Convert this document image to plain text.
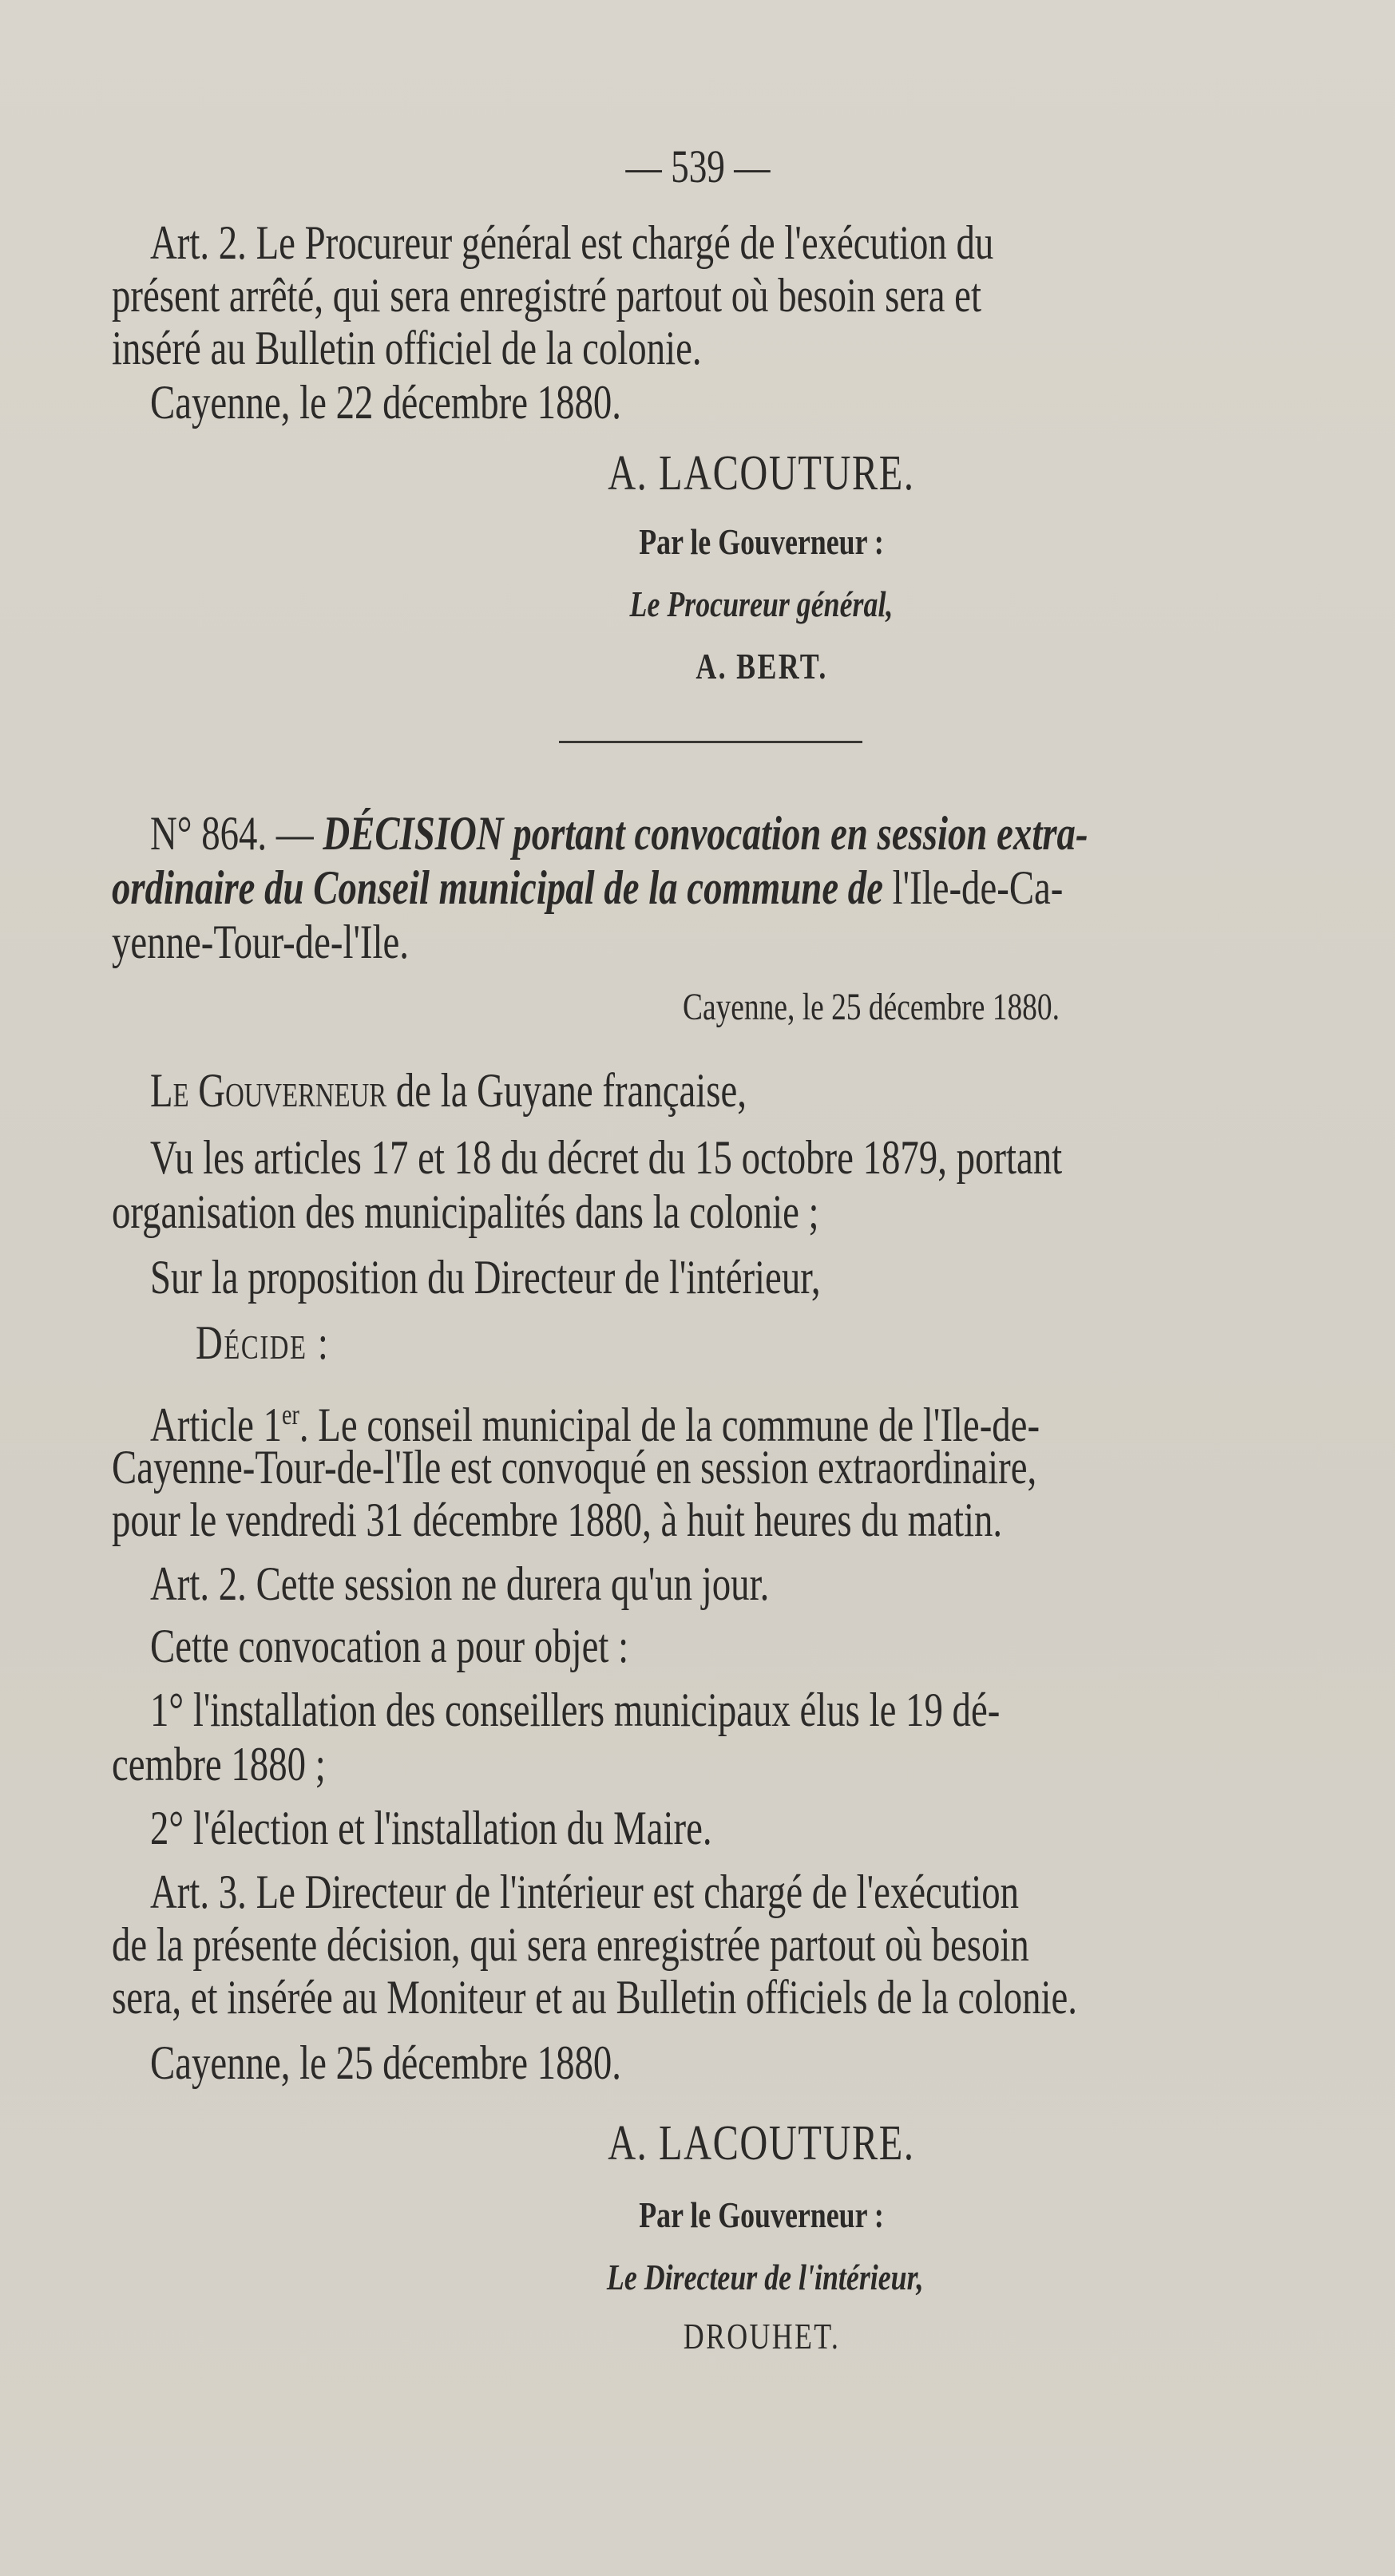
— 539 —
Art. 2. Le Procureur général est chargé de l'exécution du
présent arrêté, qui sera enregistré partout où besoin sera et
inséré au Bulletin officiel de la colonie.
Cayenne, le 22 décembre 1880.
A. LACOUTURE.
Par le Gouverneur :
Le Procureur général,
A. BERT.
N° 864. — DÉCISION portant convocation en session extra-
ordinaire du Conseil municipal de la commune de l'Ile-de-Ca-
yenne-Tour-de-l'Ile.
Cayenne, le 25 décembre 1880.
Le Gouverneur de la Guyane française,
Vu les articles 17 et 18 du décret du 15 octobre 1879, portant
organisation des municipalités dans la colonie ;
Sur la proposition du Directeur de l'intérieur,
Décide :
Article 1er. Le conseil municipal de la commune de l'Ile-de-
Cayenne-Tour-de-l'Ile est convoqué en session extraordinaire,
pour le vendredi 31 décembre 1880, à huit heures du matin.
Art. 2. Cette session ne durera qu'un jour.
Cette convocation a pour objet :
1° l'installation des conseillers municipaux élus le 19 dé-
cembre 1880 ;
2° l'élection et l'installation du Maire.
Art. 3. Le Directeur de l'intérieur est chargé de l'exécution
de la présente décision, qui sera enregistrée partout où besoin
sera, et insérée au Moniteur et au Bulletin officiels de la colonie.
Cayenne, le 25 décembre 1880.
A. LACOUTURE.
Par le Gouverneur :
Le Directeur de l'intérieur,
DROUHET.
